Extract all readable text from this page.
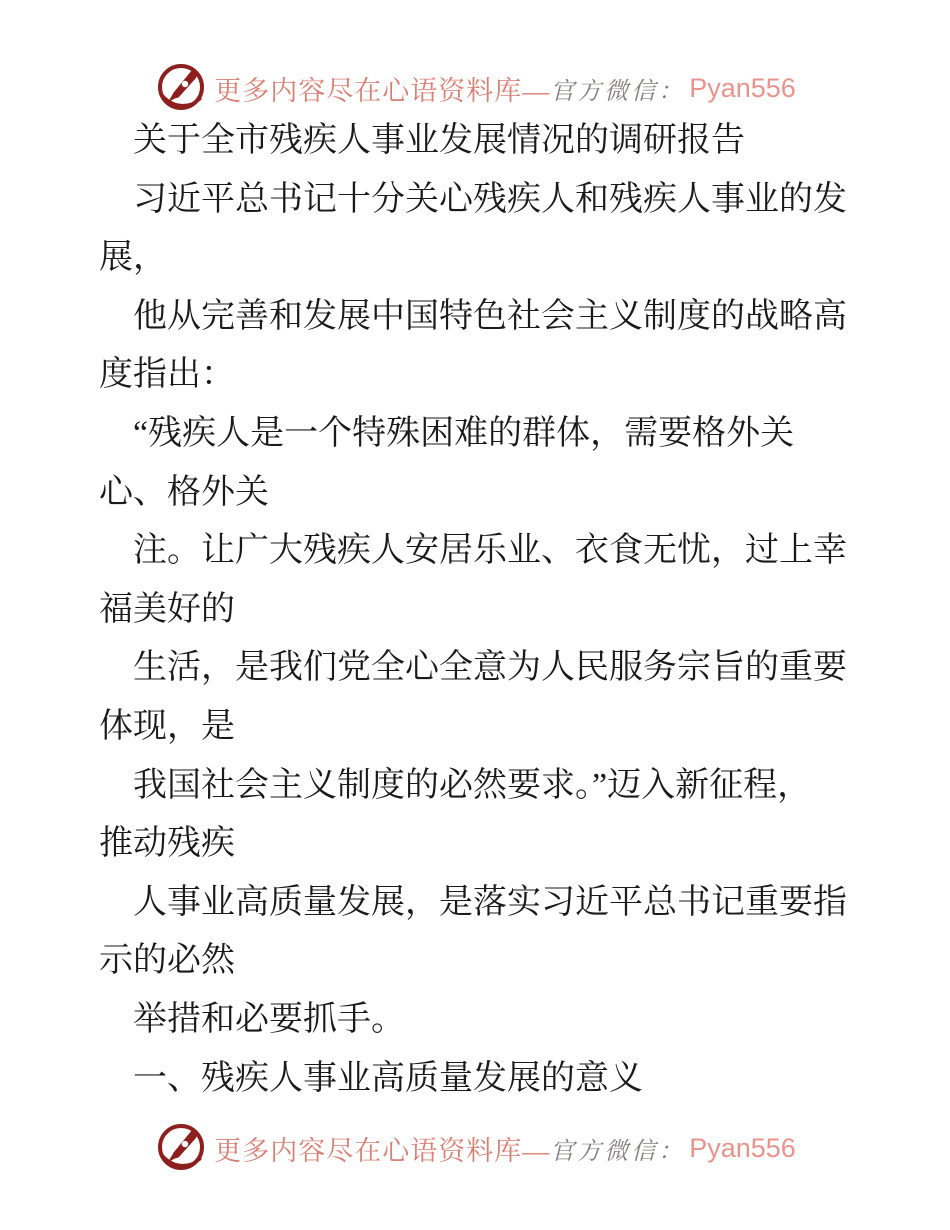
更多内容尽在心语资料库— 官方微信： Pyan556
关于全市残疾人事业发展情况的调研报告
习近平总书记十分关心残疾人和残疾人事业的发
展，
他从完善和发展中国特色社会主义制度的战略高
度指出：
“残疾人是一个特殊困难的群体，需要格外关
心、格外关
注。让广大残疾人安居乐业、衣食无忧，过上幸
福美好的
生活，是我们党全心全意为人民服务宗旨的重要
体现，是
我国社会主义制度的必然要求。”迈入新征程，
推动残疾
人事业高质量发展，是落实习近平总书记重要指
示的必然
举措和必要抓手。
一、残疾人事业高质量发展的意义
更多内容尽在心语资料库— 官方微信： Pyan556
